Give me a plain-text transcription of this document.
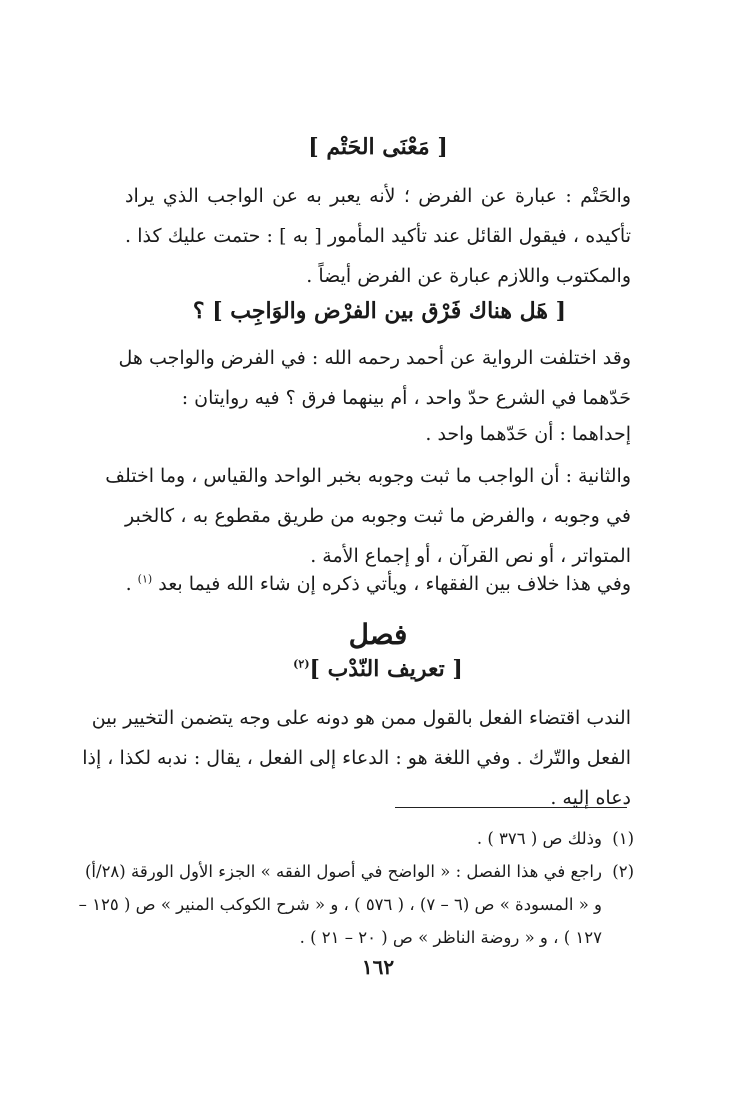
[ مَعْنَى الحَتْم ]
والحَتْم : عبارة عن الفرض ؛ لأنه يعبر به عن الواجب الذي يراد
تأكيده ، فيقول القائل عند تأكيد المأمور [ به ] : حتمت عليك كذا .
والمكتوب واللازم عبارة عن الفرض أيضاً .
[ هَل هناك فَرْق بين الفرْض والوَاجِب ] ؟
وقد اختلفت الرواية عن أحمد رحمه الله : في الفرض والواجب هل
حَدّهما في الشرع حدّ واحد ، أم بينهما فرق ؟ فيه روايتان :
إحداهما : أن حَدّهما واحد .
والثانية : أن الواجب ما ثبت وجوبه بخبر الواحد والقياس ، وما اختلف
في وجوبه ، والفرض ما ثبت وجوبه من طريق مقطوع به ، كالخبر
المتواتر ، أو نص القرآن ، أو إجماع الأمة .
وفي هذا خلاف بين الفقهاء ، ويأتي ذكره إن شاء الله فيما بعد $^{(١)}$ .
فصل
[ تعريف النّدْب ]$^{(٢)}$
الندب اقتضاء الفعل بالقول ممن هو دونه على وجه يتضمن التخيير بين
الفعل والتّرك . وفي اللغة هو : الدعاء إلى الفعل ، يقال : ندبه لكذا ، إذا
دعاه إليه .
(١)
وذلك ص ( ٣٧٦ ) .
(٢)
راجع في هذا الفصل : « الواضح في أصول الفقه » الجزء الأول الورقة (٢٨/أ)
و « المسودة » ص (٦ – ٧) ، ( ٥٧٦ ) ، و « شرح الكوكب المنير » ص ( ١٢٥ –
١٢٧ ) ، و « روضة الناظر » ص ( ٢٠ – ٢١ ) .
١٦٢
